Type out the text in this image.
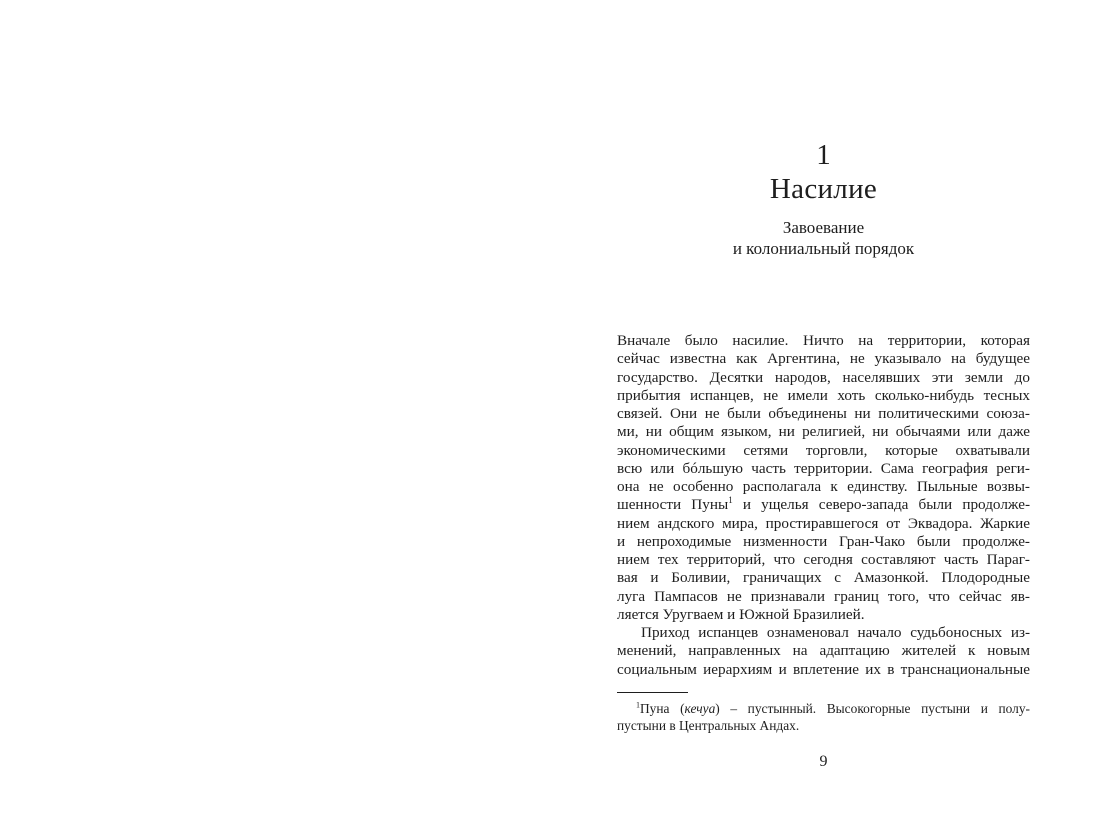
1
Насилие
Завоевание
и колониальный порядок
Вначале было насилие. Ничто на территории, которая
сейчас известна как Аргентина, не указывало на будущее
государство. Десятки народов, населявших эти земли до
прибытия испанцев, не имели хоть сколько-нибудь тесных
связей. Они не были объединены ни политическими союза-
ми, ни общим языком, ни религией, ни обычаями или даже
экономическими сетями торговли, которые охватывали
всю или бóльшую часть территории. Сама география реги-
она не особенно располагала к единству. Пыльные возвы-
шенности Пуны$^1$ и ущелья северо-запада были продолже-
нием андского мира, простиравшегося от Эквадора. Жаркие
и непроходимые низменности Гран-Чако были продолже-
нием тех территорий, что сегодня составляют часть Параг-
вая и Боливии, граничащих с Амазонкой. Плодородные
луга Пампасов не признавали границ того, что сейчас яв-
ляется Уругваем и Южной Бразилией.
Приход испанцев ознаменовал начало судьбоносных из-
менений, направленных на адаптацию жителей к новым
социальным иерархиям и вплетение их в транснациональные
$^1$Пуна (кечуа) – пустынный. Высокогорные пустыни и полу-
пустыни в Центральных Андах.
9
